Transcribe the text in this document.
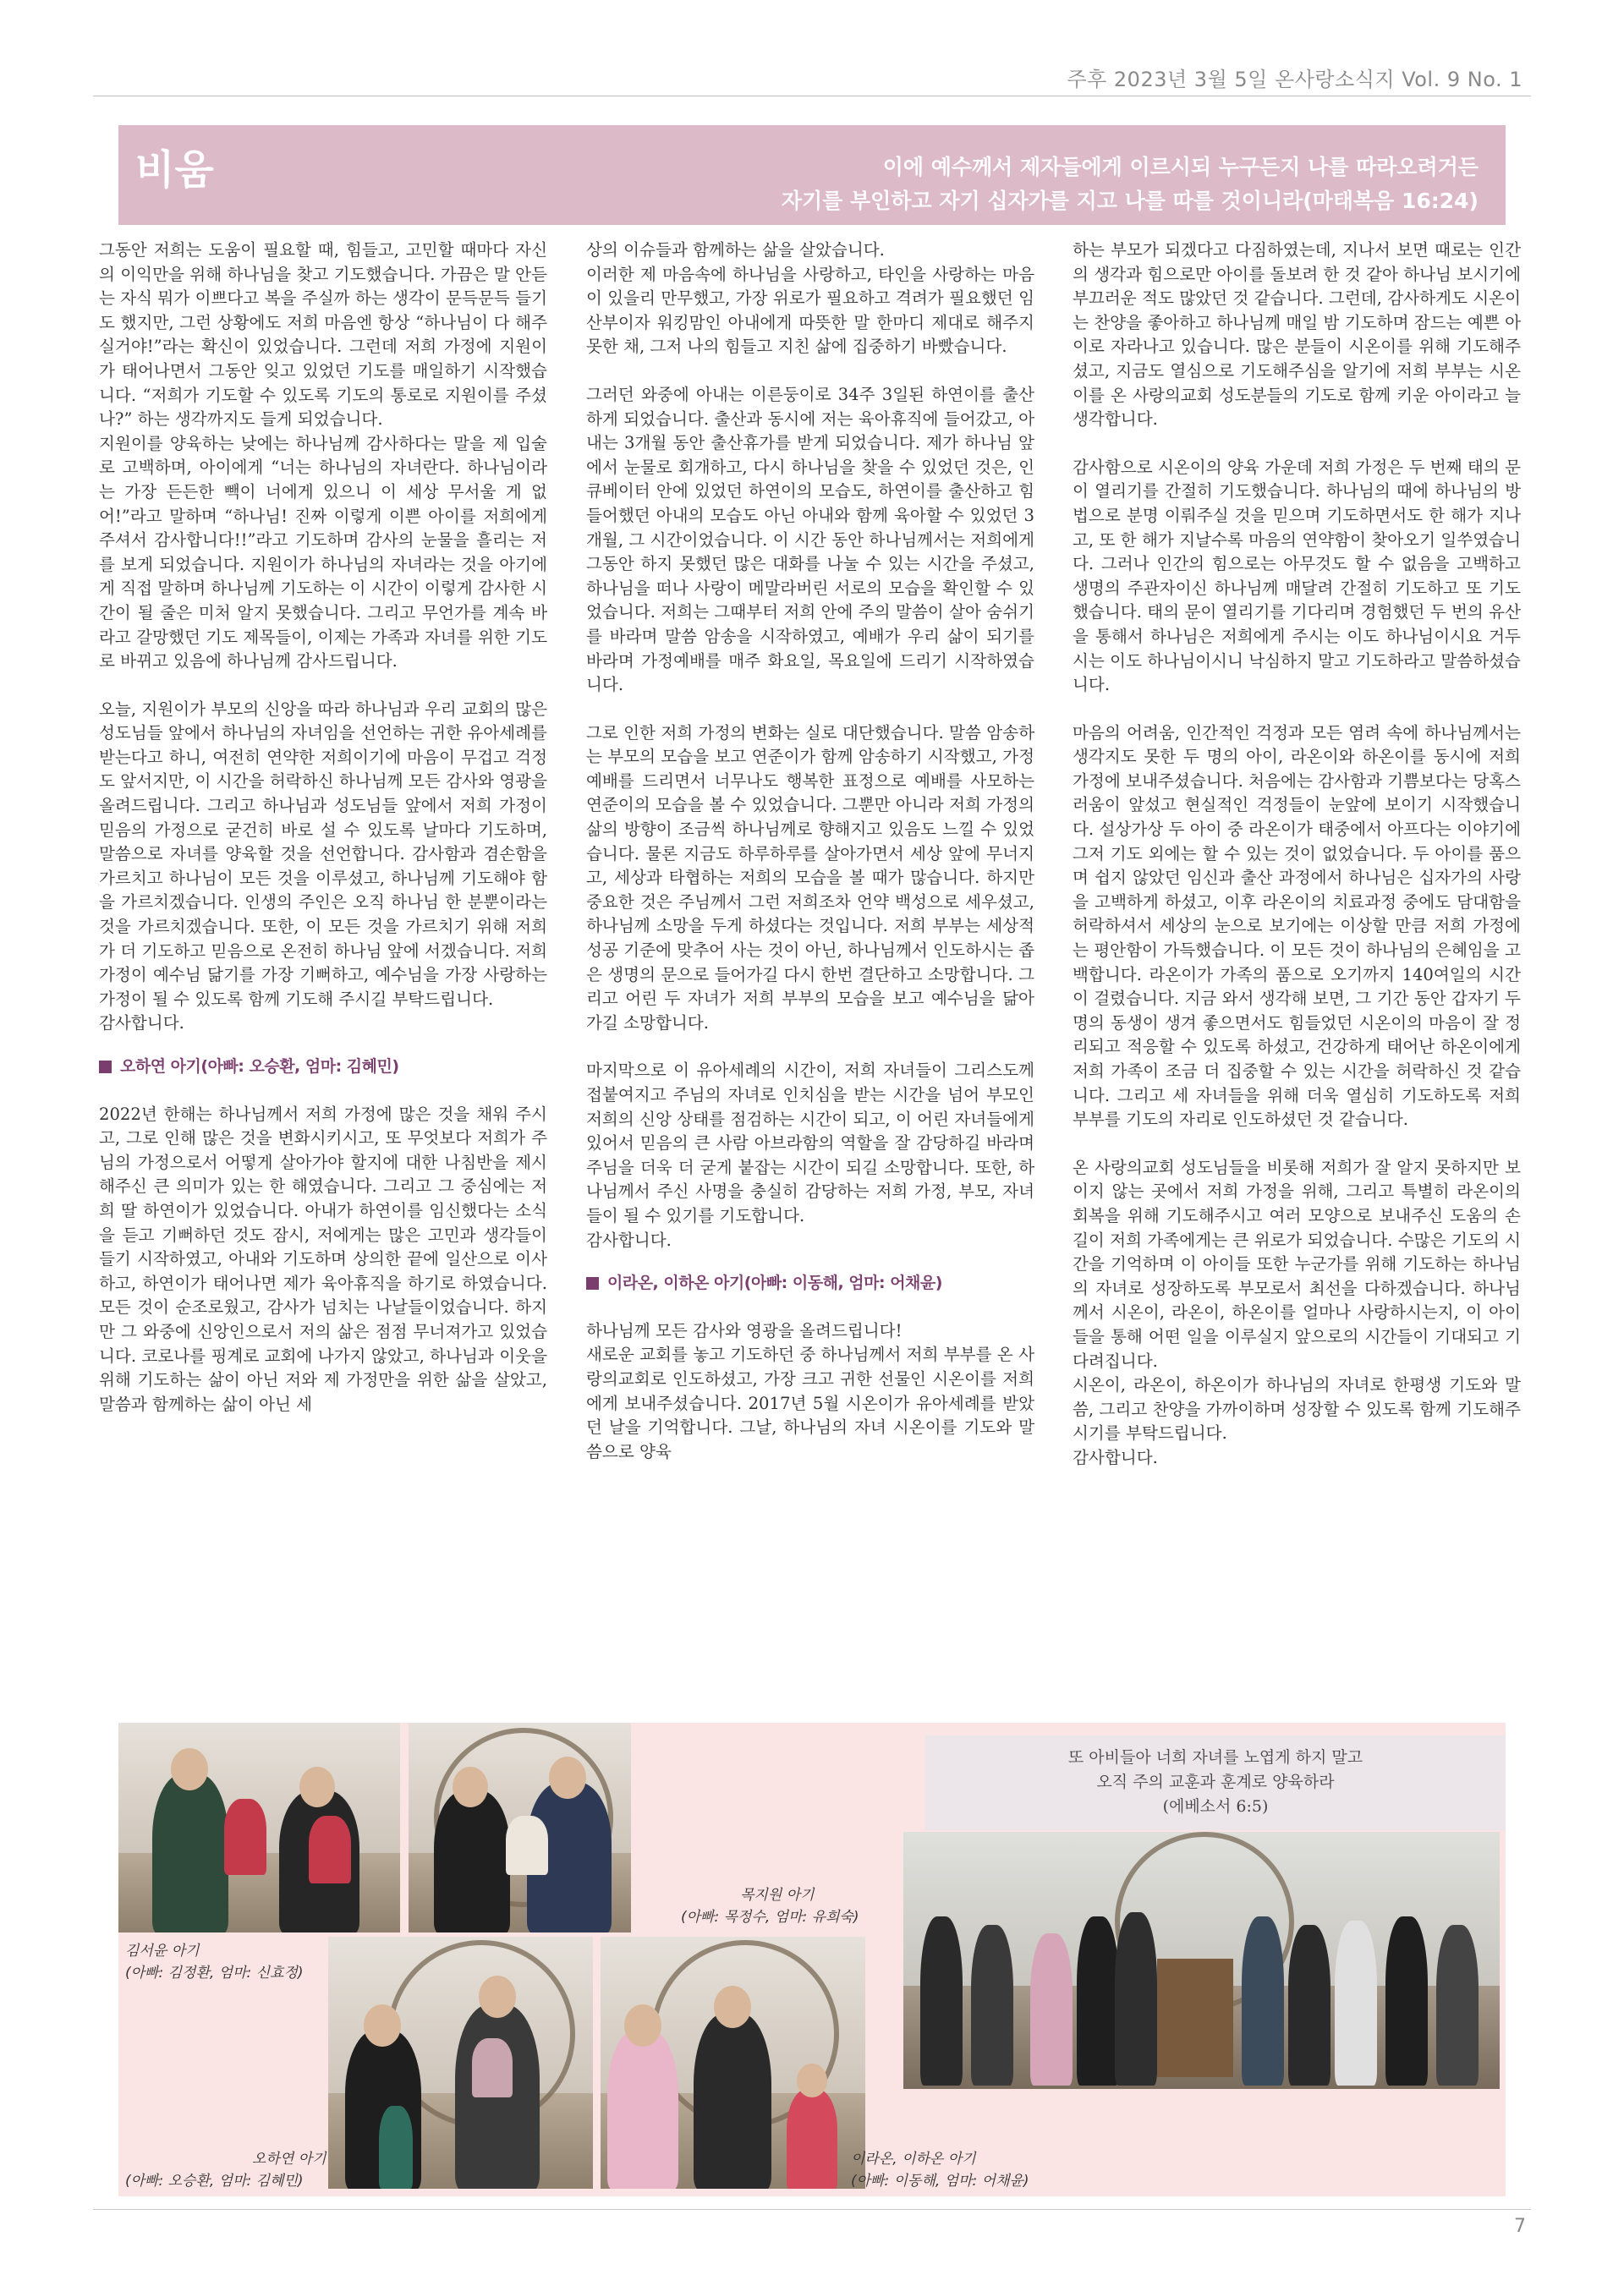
주후 2023년 3월 5일 온사랑소식지 Vol. 9 No. 1
비움	이에 예수께서 제자들에게 이르시되 누구든지 나를 따라오려거든
자기를 부인하고 자기 십자가를 지고 나를 따를 것이니라(마태복음 16:24)

그동안 저희는 도움이 필요할 때, 힘들고, 고민할 때마다 자신의 이익만을 위해 하나님을 찾고 기도했습니다. 가끔은 말 안듣는 자식 뭐가 이쁘다고 복을 주실까 하는 생각이 문득문득 들기도 했지만, 그런 상황에도 저희 마음엔 항상 “하나님이 다 해주실거야!”라는 확신이 있었습니다. 그런데 저희 가정에 지원이가 태어나면서 그동안 잊고 있었던 기도를 매일하기 시작했습니다. “저희가 기도할 수 있도록 기도의 통로로 지원이를 주셨나?” 하는 생각까지도 들게 되었습니다.

지원이를 양육하는 낮에는 하나님께 감사하다는 말을 제 입술로 고백하며, 아이에게 “너는 하나님의 자녀란다. 하나님이라는 가장 든든한 빽이 너에게 있으니 이 세상 무서울 게 없어!”라고 말하며 “하나님! 진짜 이렇게 이쁜 아이를 저희에게 주셔서 감사합니다!!”라고 기도하며 감사의 눈물을 흘리는 저를 보게 되었습니다. 지원이가 하나님의 자녀라는 것을 아기에게 직접 말하며 하나님께 기도하는 이 시간이 이렇게 감사한 시간이 될 줄은 미처 알지 못했습니다. 그리고 무언가를 계속 바라고 갈망했던 기도 제목들이, 이제는 가족과 자녀를 위한 기도로 바뀌고 있음에 하나님께 감사드립니다.

오늘, 지원이가 부모의 신앙을 따라 하나님과 우리 교회의 많은 성도님들 앞에서 하나님의 자녀임을 선언하는 귀한 유아세례를 받는다고 하니, 여전히 연약한 저희이기에 마음이 무겁고 걱정도 앞서지만, 이 시간을 허락하신 하나님께 모든 감사와 영광을 올려드립니다. 그리고 하나님과 성도님들 앞에서 저희 가정이 믿음의 가정으로 굳건히 바로 설 수 있도록 날마다 기도하며, 말씀으로 자녀를 양육할 것을 선언합니다. 감사함과 겸손함을 가르치고 하나님이 모든 것을 이루셨고, 하나님께 기도해야 함을 가르치겠습니다. 인생의 주인은 오직 하나님 한 분뿐이라는 것을 가르치겠습니다. 또한, 이 모든 것을 가르치기 위해 저희가 더 기도하고 믿음으로 온전히 하나님 앞에 서겠습니다. 저희 가정이 예수님 닮기를 가장 기뻐하고, 예수님을 가장 사랑하는 가정이 될 수 있도록 함께 기도해 주시길 부탁드립니다.

감사합니다.

오하연 아기(아빠: 오승환, 엄마: 김혜민)

2022년 한해는 하나님께서 저희 가정에 많은 것을 채워 주시고, 그로 인해 많은 것을 변화시키시고, 또 무엇보다 저희가 주님의 가정으로서 어떻게 살아가야 할지에 대한 나침반을 제시해주신 큰 의미가 있는 한 해였습니다. 그리고 그 중심에는 저희 딸 하연이가 있었습니다. 아내가 하연이를 임신했다는 소식을 듣고 기뻐하던 것도 잠시, 저에게는 많은 고민과 생각들이 들기 시작하였고, 아내와 기도하며 상의한 끝에 일산으로 이사하고, 하연이가 태어나면 제가 육아휴직을 하기로 하였습니다. 모든 것이 순조로웠고, 감사가 넘치는 나날들이었습니다. 하지만 그 와중에 신앙인으로서 저의 삶은 점점 무너져가고 있었습니다. 코로나를 핑계로 교회에 나가지 않았고, 하나님과 이웃을 위해 기도하는 삶이 아닌 저와 제 가정만을 위한 삶을 살았고, 말씀과 함께하는 삶이 아닌 세

상의 이슈들과 함께하는 삶을 살았습니다.

이러한 제 마음속에 하나님을 사랑하고, 타인을 사랑하는 마음이 있을리 만무했고, 가장 위로가 필요하고 격려가 필요했던 임산부이자 워킹맘인 아내에게 따뜻한 말 한마디 제대로 해주지 못한 채, 그저 나의 힘들고 지친 삶에 집중하기 바빴습니다.

그러던 와중에 아내는 이른둥이로 34주 3일된 하연이를 출산하게 되었습니다. 출산과 동시에 저는 육아휴직에 들어갔고, 아내는 3개월 동안 출산휴가를 받게 되었습니다. 제가 하나님 앞에서 눈물로 회개하고, 다시 하나님을 찾을 수 있었던 것은, 인큐베이터 안에 있었던 하연이의 모습도, 하연이를 출산하고 힘들어했던 아내의 모습도 아닌 아내와 함께 육아할 수 있었던 3개월, 그 시간이었습니다. 이 시간 동안 하나님께서는 저희에게 그동안 하지 못했던 많은 대화를 나눌 수 있는 시간을 주셨고, 하나님을 떠나 사랑이 메말라버린 서로의 모습을 확인할 수 있었습니다. 저희는 그때부터 저희 안에 주의 말씀이 살아 숨쉬기를 바라며 말씀 암송을 시작하였고, 예배가 우리 삶이 되기를 바라며 가정예배를 매주 화요일, 목요일에 드리기 시작하였습니다.

그로 인한 저희 가정의 변화는 실로 대단했습니다. 말씀 암송하는 부모의 모습을 보고 연준이가 함께 암송하기 시작했고, 가정예배를 드리면서 너무나도 행복한 표정으로 예배를 사모하는 연준이의 모습을 볼 수 있었습니다. 그뿐만 아니라 저희 가정의 삶의 방향이 조금씩 하나님께로 향해지고 있음도 느낄 수 있었습니다. 물론 지금도 하루하루를 살아가면서 세상 앞에 무너지고, 세상과 타협하는 저희의 모습을 볼 때가 많습니다. 하지만 중요한 것은 주님께서 그런 저희조차 언약 백성으로 세우셨고, 하나님께 소망을 두게 하셨다는 것입니다. 저희 부부는 세상적 성공 기준에 맞추어 사는 것이 아닌, 하나님께서 인도하시는 좁은 생명의 문으로 들어가길 다시 한번 결단하고 소망합니다. 그리고 어린 두 자녀가 저희 부부의 모습을 보고 예수님을 닮아 가길 소망합니다.

마지막으로 이 유아세례의 시간이, 저희 자녀들이 그리스도께 접붙여지고 주님의 자녀로 인치심을 받는 시간을 넘어 부모인 저희의 신앙 상태를 점검하는 시간이 되고, 이 어린 자녀들에게 있어서 믿음의 큰 사람 아브라함의 역할을 잘 감당하길 바라며 주님을 더욱 더 굳게 붙잡는 시간이 되길 소망합니다. 또한, 하나님께서 주신 사명을 충실히 감당하는 저희 가정, 부모, 자녀들이 될 수 있기를 기도합니다.

감사합니다.

이라온, 이하온 아기(아빠: 이동해, 엄마: 어채윤)

하나님께 모든 감사와 영광을 올려드립니다!

새로운 교회를 놓고 기도하던 중 하나님께서 저희 부부를 온 사랑의교회로 인도하셨고, 가장 크고 귀한 선물인 시온이를 저희에게 보내주셨습니다. 2017년 5월 시온이가 유아세례를 받았던 날을 기억합니다. 그날, 하나님의 자녀 시온이를 기도와 말씀으로 양육

하는 부모가 되겠다고 다짐하였는데, 지나서 보면 때로는 인간의 생각과 힘으로만 아이를 돌보려 한 것 같아 하나님 보시기에 부끄러운 적도 많았던 것 같습니다. 그런데, 감사하게도 시온이는 찬양을 좋아하고 하나님께 매일 밤 기도하며 잠드는 예쁜 아이로 자라나고 있습니다. 많은 분들이 시온이를 위해 기도해주셨고, 지금도 열심으로 기도해주심을 알기에 저희 부부는 시온이를 온 사랑의교회 성도분들의 기도로 함께 키운 아이라고 늘 생각합니다.

감사함으로 시온이의 양육 가운데 저희 가정은 두 번째 태의 문이 열리기를 간절히 기도했습니다. 하나님의 때에 하나님의 방법으로 분명 이뤄주실 것을 믿으며 기도하면서도 한 해가 지나고, 또 한 해가 지날수록 마음의 연약함이 찾아오기 일쑤였습니다. 그러나 인간의 힘으로는 아무것도 할 수 없음을 고백하고 생명의 주관자이신 하나님께 매달려 간절히 기도하고 또 기도했습니다. 태의 문이 열리기를 기다리며 경험했던 두 번의 유산을 통해서 하나님은 저희에게 주시는 이도 하나님이시요 거두시는 이도 하나님이시니 낙심하지 말고 기도하라고 말씀하셨습니다.

마음의 어려움, 인간적인 걱정과 모든 염려 속에 하나님께서는 생각지도 못한 두 명의 아이, 라온이와 하온이를 동시에 저희 가정에 보내주셨습니다. 처음에는 감사함과 기쁨보다는 당혹스러움이 앞섰고 현실적인 걱정들이 눈앞에 보이기 시작했습니다. 설상가상 두 아이 중 라온이가 태중에서 아프다는 이야기에 그저 기도 외에는 할 수 있는 것이 없었습니다. 두 아이를 품으며 쉽지 않았던 임신과 출산 과정에서 하나님은 십자가의 사랑을 고백하게 하셨고, 이후 라온이의 치료과정 중에도 담대함을 허락하셔서 세상의 눈으로 보기에는 이상할 만큼 저희 가정에는 평안함이 가득했습니다. 이 모든 것이 하나님의 은혜임을 고백합니다. 라온이가 가족의 품으로 오기까지 140여일의 시간이 걸렸습니다. 지금 와서 생각해 보면, 그 기간 동안 갑자기 두 명의 동생이 생겨 좋으면서도 힘들었던 시온이의 마음이 잘 정리되고 적응할 수 있도록 하셨고, 건강하게 태어난 하온이에게 저희 가족이 조금 더 집중할 수 있는 시간을 허락하신 것 같습니다. 그리고 세 자녀들을 위해 더욱 열심히 기도하도록 저희 부부를 기도의 자리로 인도하셨던 것 같습니다.

온 사랑의교회 성도님들을 비롯해 저희가 잘 알지 못하지만 보이지 않는 곳에서 저희 가정을 위해, 그리고 특별히 라온이의 회복을 위해 기도해주시고 여러 모양으로 보내주신 도움의 손길이 저희 가족에게는 큰 위로가 되었습니다. 수많은 기도의 시간을 기억하며 이 아이들 또한 누군가를 위해 기도하는 하나님의 자녀로 성장하도록 부모로서 최선을 다하겠습니다. 하나님께서 시온이, 라온이, 하온이를 얼마나 사랑하시는지, 이 아이들을 통해 어떤 일을 이루실지 앞으로의 시간들이 기대되고 기다려집니다.

시온이, 라온이, 하온이가 하나님의 자녀로 한평생 기도와 말씀, 그리고 찬양을 가까이하며 성장할 수 있도록 함께 기도해주시기를 부탁드립니다.

감사합니다.

또 아비들아 너희 자녀를 노엽게 하지 말고
오직 주의 교훈과 훈계로 양육하라
(에베소서 6:5)
김서윤 아기
(아빠: 김정환, 엄마: 신효정)
목지원 아기
(아빠: 목정수, 엄마: 유희숙)
오하연 아기
(아빠: 오승환, 엄마: 김혜민)
이라온, 이하온 아기
(아빠: 이동해, 엄마: 어채윤)
7
